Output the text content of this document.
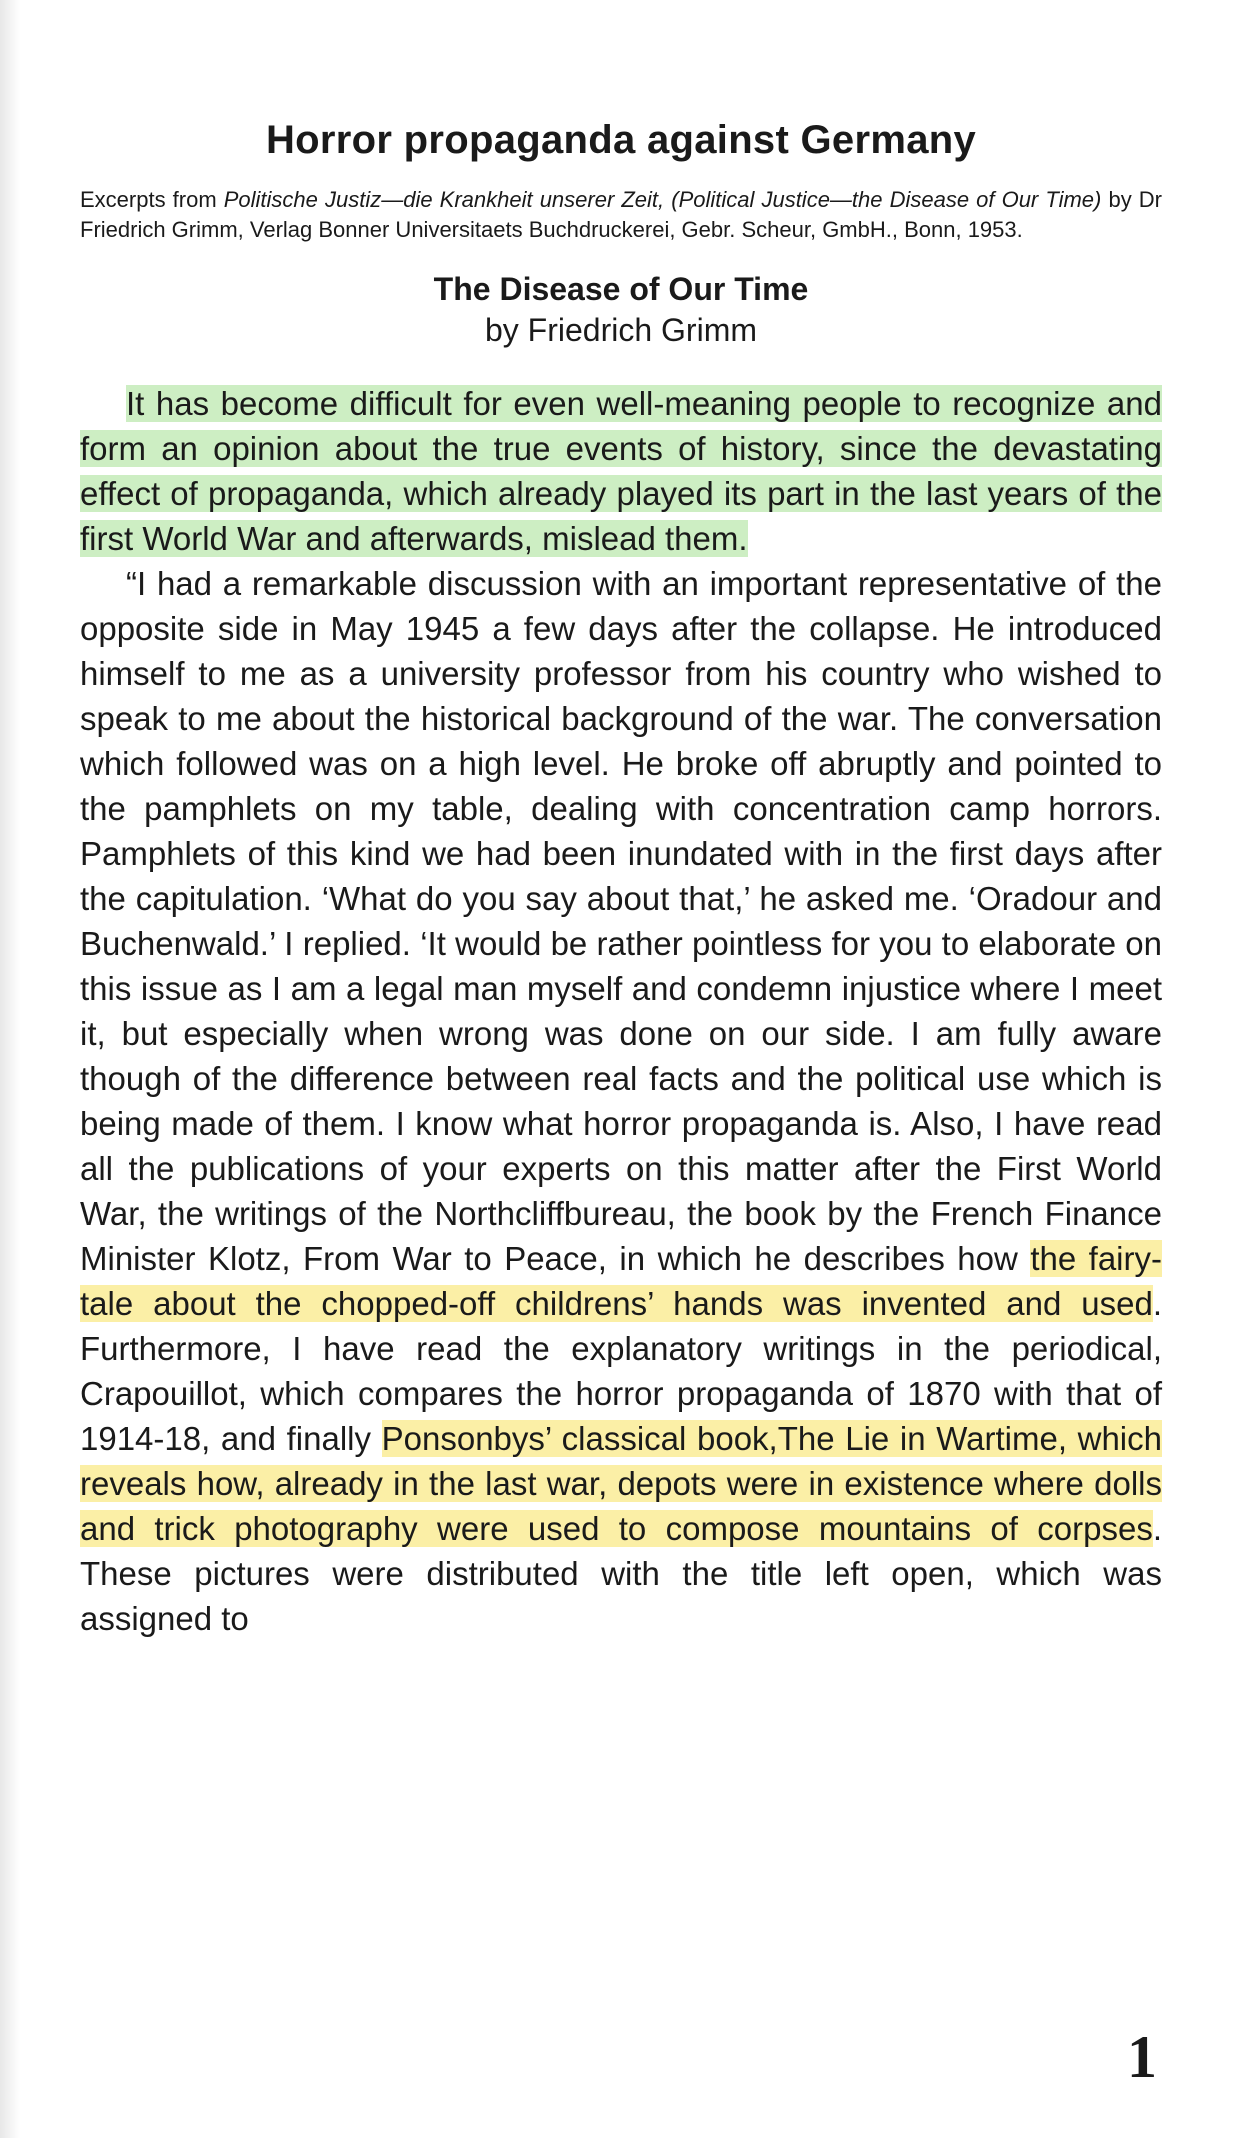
Horror propaganda against Germany

Excerpts from Politische Justiz—die Krankheit unserer Zeit, (Political Justice—the Disease of Our Time) by Dr Friedrich Grimm, Verlag Bonner Universitaets Buchdruckerei, Gebr. Scheur, GmbH., Bonn, 1953.

The Disease of Our Time
by Friedrich Grimm

It has become difficult for even well-meaning people to recognize and form an opinion about the true events of history, since the devastating effect of propaganda, which already played its part in the last years of the first World War and afterwards, mislead them.

“I had a remarkable discussion with an important representative of the opposite side in May 1945 a few days after the collapse. He introduced himself to me as a university professor from his country who wished to speak to me about the historical background of the war. The conversation which followed was on a high level. He broke off abruptly and pointed to the pamphlets on my table, dealing with concentration camp horrors. Pamphlets of this kind we had been inundated with in the first days after the capitulation. ‘What do you say about that,’ he asked me. ‘Oradour and Buchenwald.’ I replied. ‘It would be rather pointless for you to elaborate on this issue as I am a legal man myself and condemn injustice where I meet it, but especially when wrong was done on our side. I am fully aware though of the difference between real facts and the political use which is being made of them. I know what horror propaganda is. Also, I have read all the publications of your experts on this matter after the First World War, the writings of the Northcliffbureau, the book by the French Finance Minister Klotz, From War to Peace, in which he describes how the fairy-tale about the chopped-off childrens’ hands was invented and used. Furthermore, I have read the explanatory writings in the periodical, Crapouillot, which compares the horror propaganda of 1870 with that of 1914-18, and finally Ponsonbys’ classical book,The Lie in Wartime, which reveals how, already in the last war, depots were in existence where dolls and trick photography were used to compose mountains of corpses. These pictures were distributed with the title left open, which was assigned to

1
